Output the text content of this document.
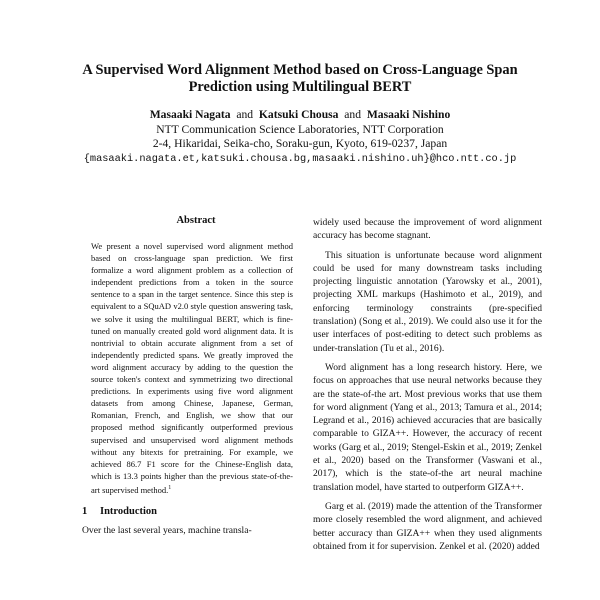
A Supervised Word Alignment Method based on Cross-Language Span Prediction using Multilingual BERT
Masaaki Nagata and Katsuki Chousa and Masaaki Nishino
NTT Communication Science Laboratories, NTT Corporation
2-4, Hikaridai, Seika-cho, Soraku-gun, Kyoto, 619-0237, Japan
{masaaki.nagata.et,katsuki.chousa.bg,masaaki.nishino.uh}@hco.ntt.co.jp
Abstract

We present a novel supervised word alignment method based on cross-language span prediction. We first formalize a word alignment problem as a collection of independent predictions from a token in the source sentence to a span in the target sentence. Since this step is equivalent to a SQuAD v2.0 style question answering task, we solve it using the multilingual BERT, which is fine-tuned on manually created gold word alignment data. It is nontrivial to obtain accurate alignment from a set of independently predicted spans. We greatly improved the word alignment accuracy by adding to the question the source token's context and symmetrizing two directional predictions. In experiments using five word alignment datasets from among Chinese, Japanese, German, Romanian, French, and English, we show that our proposed method significantly outperformed previous supervised and unsupervised word alignment methods without any bitexts for pretraining. For example, we achieved 86.7 F1 score for the Chinese-English data, which is 13.3 points higher than the previous state-of-the-art supervised method.$^1$

1 Introduction

Over the last several years, machine transla-

widely used because the improvement of word alignment accuracy has become stagnant.

This situation is unfortunate because word alignment could be used for many downstream tasks including projecting linguistic annotation (Yarowsky et al., 2001), projecting XML markups (Hashimoto et al., 2019), and enforcing terminology constraints (pre-specified translation) (Song et al., 2019). We could also use it for the user interfaces of post-editing to detect such problems as under-translation (Tu et al., 2016).

Word alignment has a long research history. Here, we focus on approaches that use neural networks because they are the state-of-the art. Most previous works that use them for word alignment (Yang et al., 2013; Tamura et al., 2014; Legrand et al., 2016) achieved accuracies that are basically comparable to GIZA++. However, the accuracy of recent works (Garg et al., 2019; Stengel-Eskin et al., 2019; Zenkel et al., 2020) based on the Transformer (Vaswani et al., 2017), which is the state-of-the art neural machine translation model, have started to outperform GIZA++.

Garg et al. (2019) made the attention of the Transformer more closely resembled the word alignment, and achieved better accuracy than GIZA++ when they used alignments obtained from it for supervision. Zenkel et al. (2020) added
